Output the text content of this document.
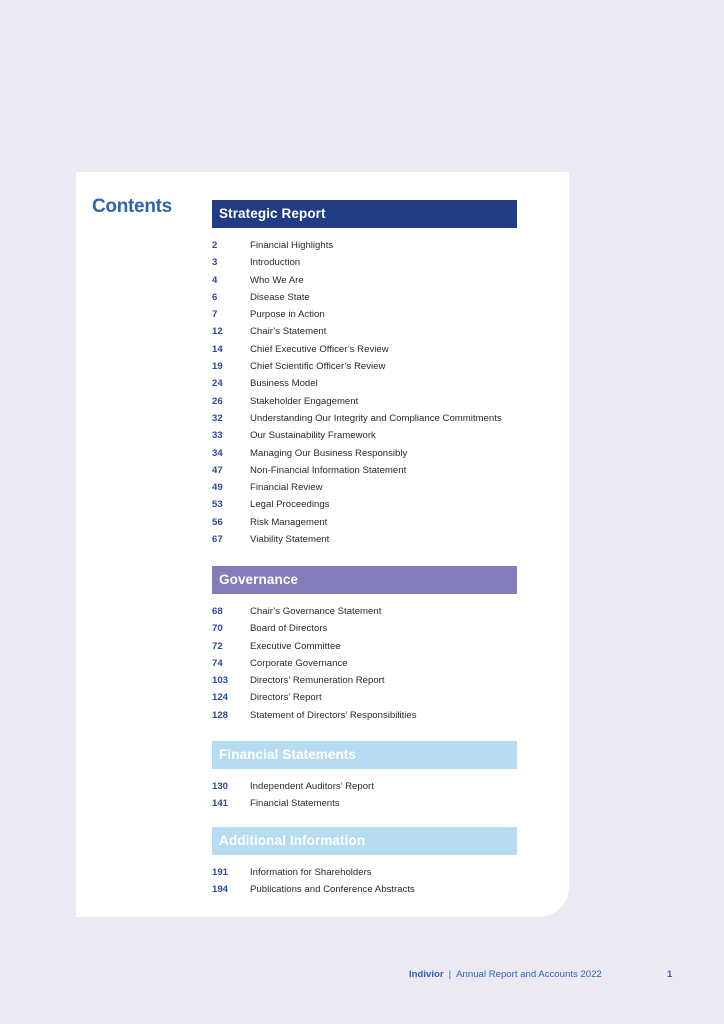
Contents	Strategic Report
2	Financial Highlights
3	Introduction
4	Who We Are
6	Disease State
7	Purpose in Action
12	Chair’s Statement
14	Chief Executive Officer’s Review
19	Chief Scientific Officer’s Review
24	Business Model
26	Stakeholder Engagement
32	Understanding Our Integrity and Compliance Commitments
33	Our Sustainability Framework
34	Managing Our Business Responsibly
47	Non-Financial Information Statement
49	Financial Review
53	Legal Proceedings
56	Risk Management
67	Viability Statement
Governance
68	Chair’s Governance Statement
70	Board of Directors
72	Executive Committee
74	Corporate Governance
103 Directors’ Remuneration Report
124 Directors’ Report
128 Statement of Directors’ Responsibilities
Financial Statements
130 Independent Auditors’ Report
141 Financial Statements
Additional Information
191 Information for Shareholders
194 Publications and Conference Abstracts
Indivior | Annual Report and Accounts 2022	1
